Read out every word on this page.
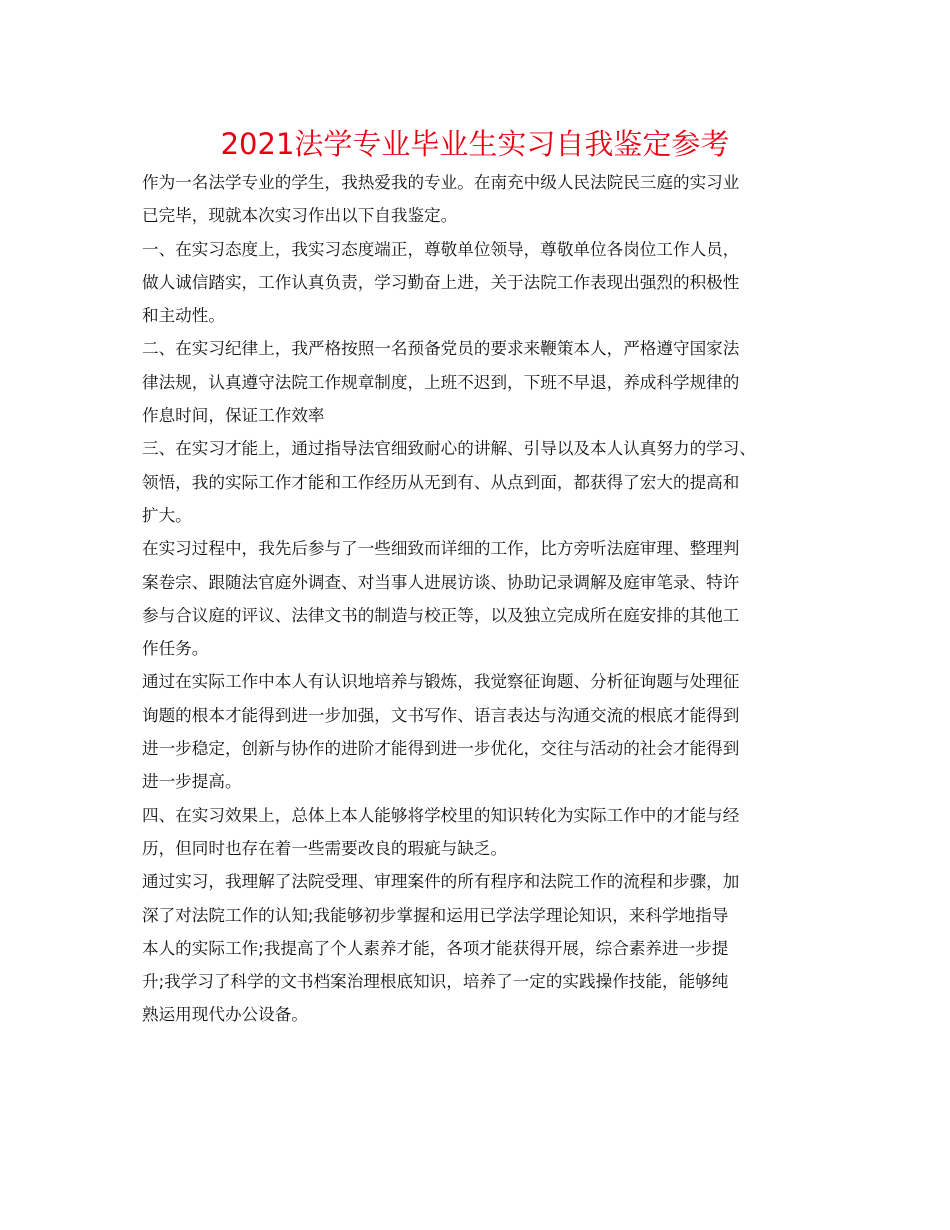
2021法学专业毕业生实习自我鉴定参考
作为一名法学专业的学生，我热爱我的专业。在南充中级人民法院民三庭的实习业
已完毕，现就本次实习作出以下自我鉴定。
一、在实习态度上，我实习态度端正，尊敬单位领导，尊敬单位各岗位工作人员，
做人诚信踏实，工作认真负责，学习勤奋上进，关于法院工作表现出强烈的积极性
和主动性。
二、在实习纪律上，我严格按照一名预备党员的要求来鞭策本人，严格遵守国家法
律法规，认真遵守法院工作规章制度，上班不迟到，下班不早退，养成科学规律的
作息时间，保证工作效率
三、在实习才能上，通过指导法官细致耐心的讲解、引导以及本人认真努力的学习、
领悟，我的实际工作才能和工作经历从无到有、从点到面，都获得了宏大的提高和
扩大。
在实习过程中，我先后参与了一些细致而详细的工作，比方旁听法庭审理、整理判
案卷宗、跟随法官庭外调查、对当事人进展访谈、协助记录调解及庭审笔录、特许
参与合议庭的评议、法律文书的制造与校正等，以及独立完成所在庭安排的其他工
作任务。
通过在实际工作中本人有认识地培养与锻炼，我觉察征询题、分析征询题与处理征
询题的根本才能得到进一步加强，文书写作、语言表达与沟通交流的根底才能得到
进一步稳定，创新与协作的进阶才能得到进一步优化，交往与活动的社会才能得到
进一步提高。
四、在实习效果上，总体上本人能够将学校里的知识转化为实际工作中的才能与经
历，但同时也存在着一些需要改良的瑕疵与缺乏。
通过实习，我理解了法院受理、审理案件的所有程序和法院工作的流程和步骤，加
深了对法院工作的认知;我能够初步掌握和运用已学法学理论知识，来科学地指导
本人的实际工作;我提高了个人素养才能，各项才能获得开展，综合素养进一步提
升;我学习了科学的文书档案治理根底知识，培养了一定的实践操作技能，能够纯
熟运用现代办公设备。
